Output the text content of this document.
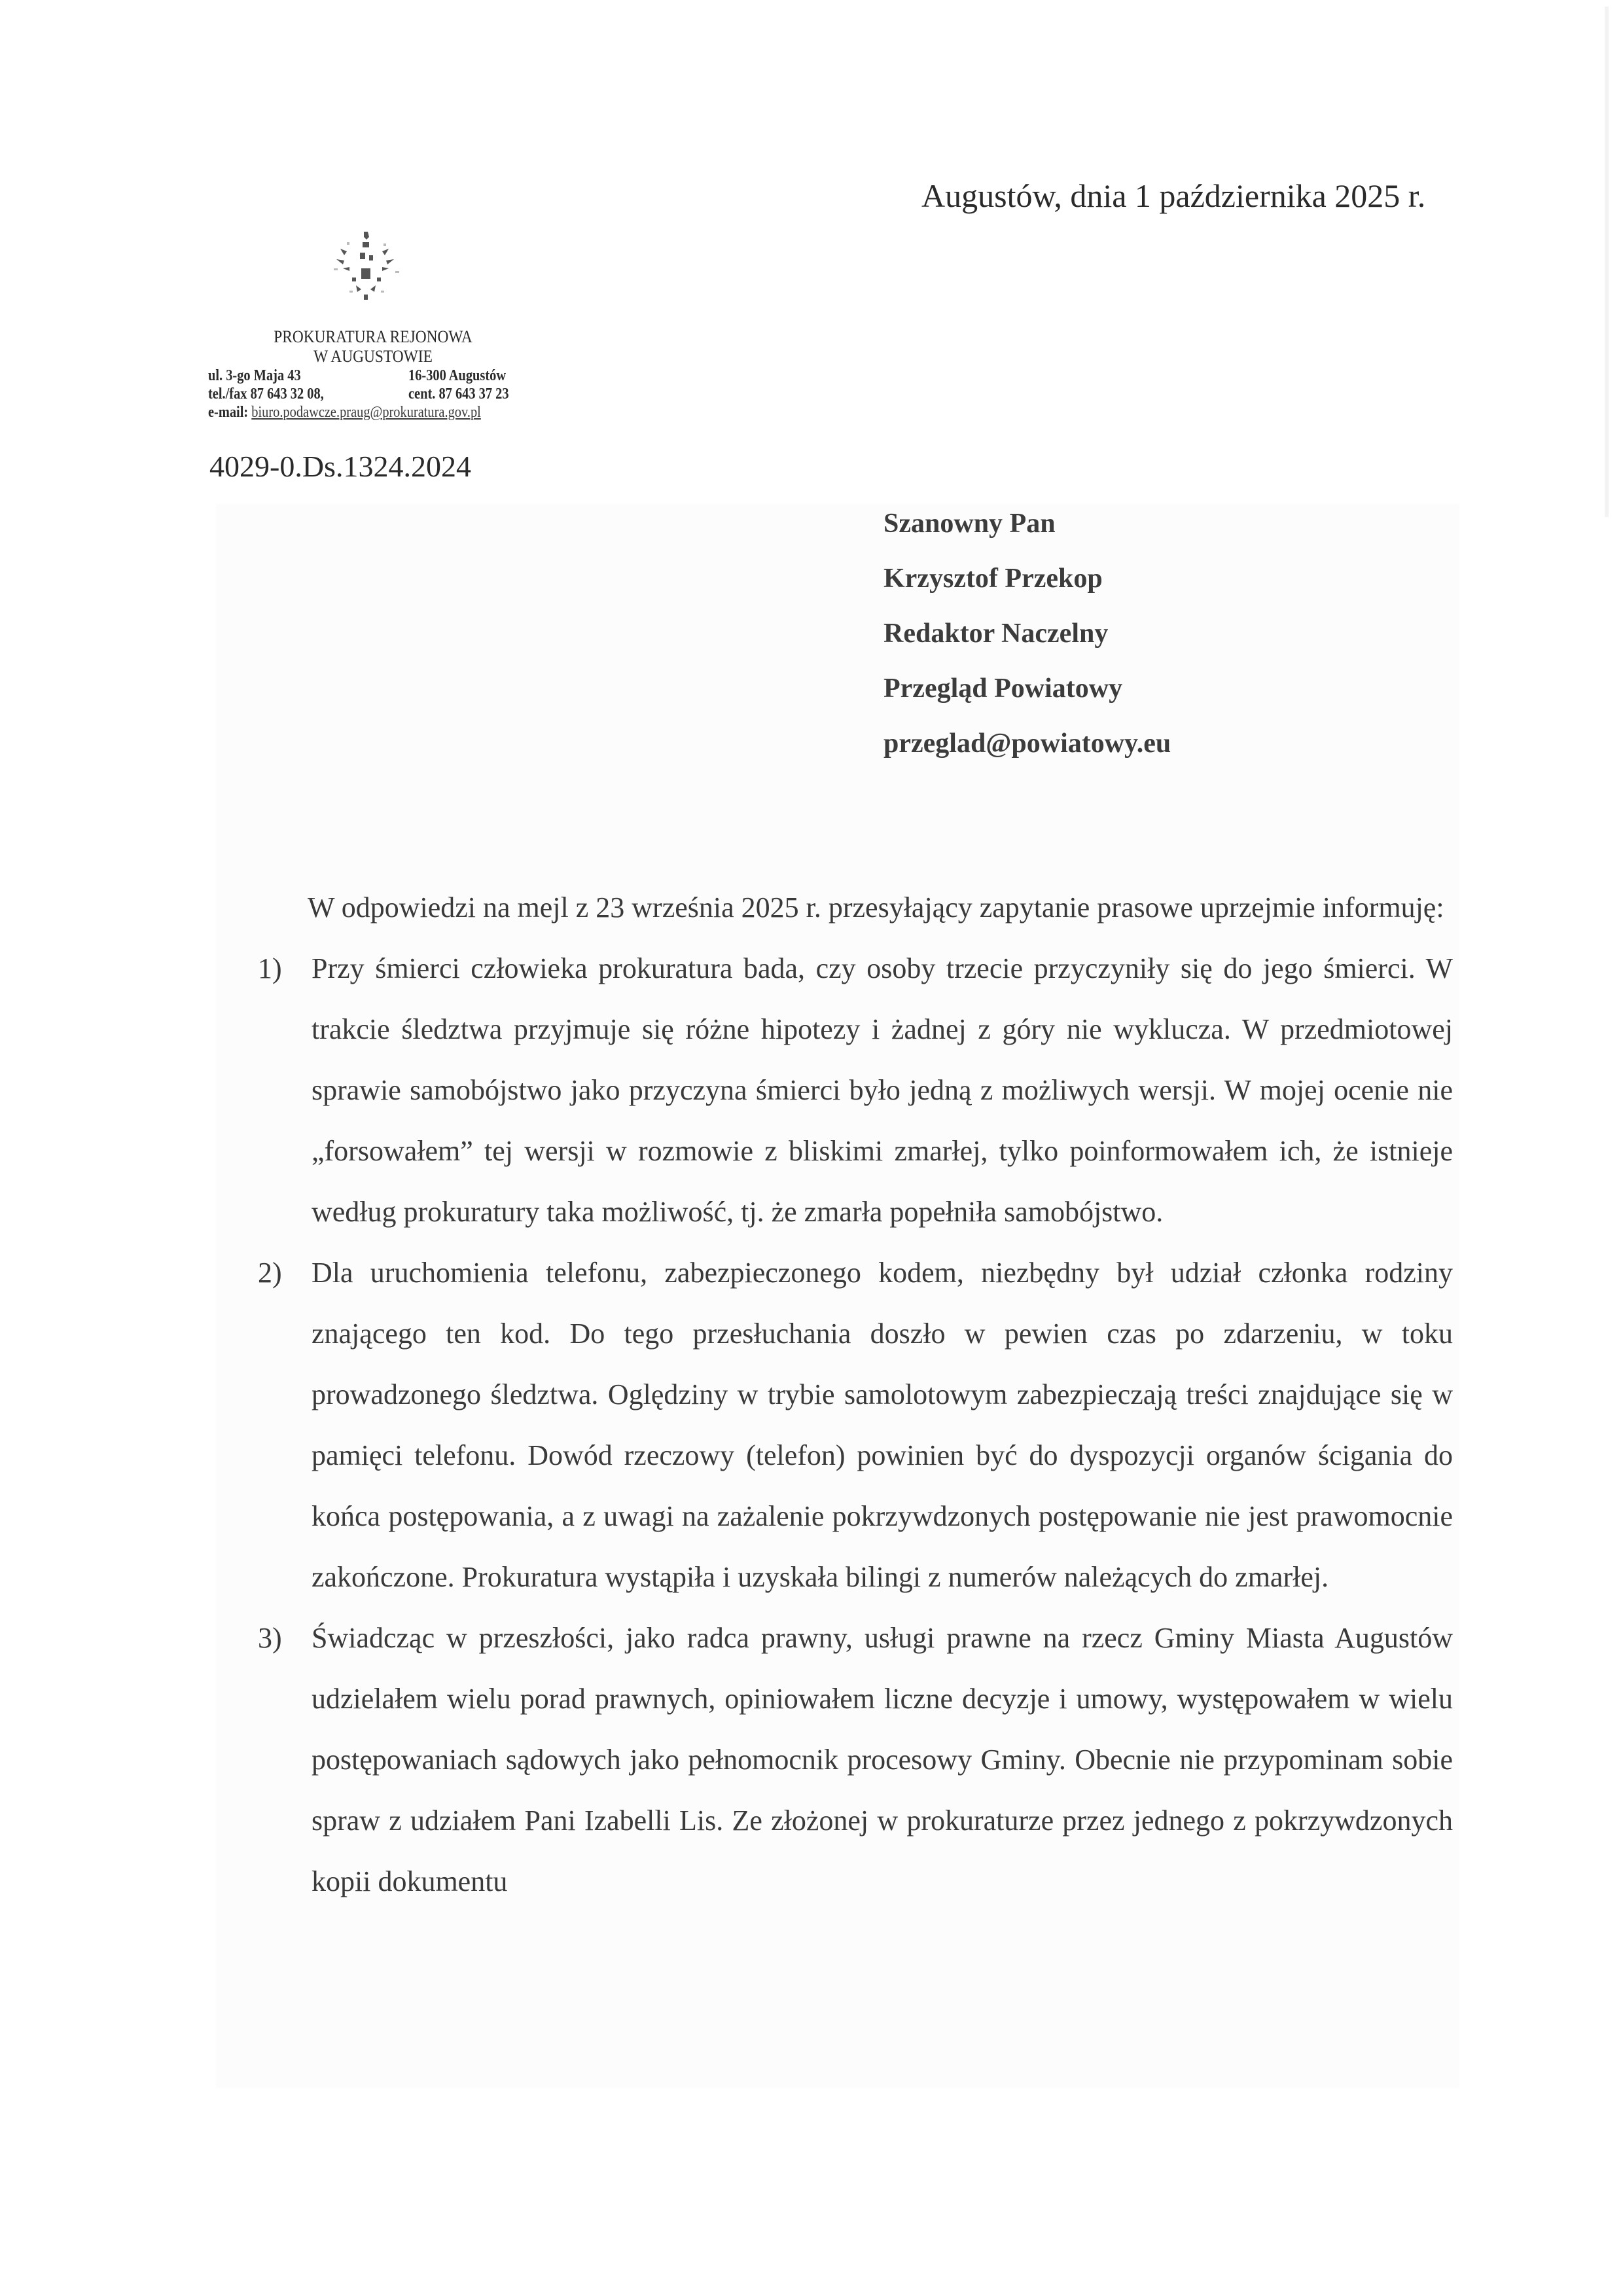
Augustów, dnia 1 października 2025 r.
PROKURATURA REJONOWA
W AUGUSTOWIE
ul. 3-go Maja 43	16-300 Augustów
tel./fax 87 643 32 08,	cent. 87 643 37 23
e-mail: biuro.podawcze.praug@prokuratura.gov.pl
4029-0.Ds.1324.2024
Szanowny Pan
Krzysztof Przekop
Redaktor Naczelny
Przegląd Powiatowy
przeglad@powiatowy.eu

W odpowiedzi na mejl z 23 września 2025 r. przesyłający zapytanie prasowe uprzejmie informuję:

1) Przy śmierci człowieka prokuratura bada, czy osoby trzecie przyczyniły się do jego śmierci. W trakcie śledztwa przyjmuje się różne hipotezy i żadnej z góry nie wyklucza. W przedmiotowej sprawie samobójstwo jako przyczyna śmierci było jedną z możliwych wersji. W mojej ocenie nie „forsowałem” tej wersji w rozmowie z bliskimi zmarłej, tylko poinformowałem ich, że istnieje według prokuratury taka możliwość, tj. że zmarła popełniła samobójstwo.
2) Dla uruchomienia telefonu, zabezpieczonego kodem, niezbędny był udział członka rodziny znającego ten kod. Do tego przesłuchania doszło w pewien czas po zdarzeniu, w toku prowadzonego śledztwa. Oględziny w trybie samolotowym zabezpieczają treści znajdujące się w pamięci telefonu. Dowód rzeczowy (telefon) powinien być do dyspozycji organów ścigania do końca postępowania, a z uwagi na zażalenie pokrzywdzonych postępowanie nie jest prawomocnie zakończone. Prokuratura wystąpiła i uzyskała bilingi z numerów należących do zmarłej.
3) Świadcząc w przeszłości, jako radca prawny, usługi prawne na rzecz Gminy Miasta Augustów udzielałem wielu porad prawnych, opiniowałem liczne decyzje i umowy, występowałem w wielu postępowaniach sądowych jako pełnomocnik procesowy Gminy. Obecnie nie przypominam sobie spraw z udziałem Pani Izabelli Lis. Ze złożonej w prokuraturze przez jednego z pokrzywdzonych kopii dokumentu
